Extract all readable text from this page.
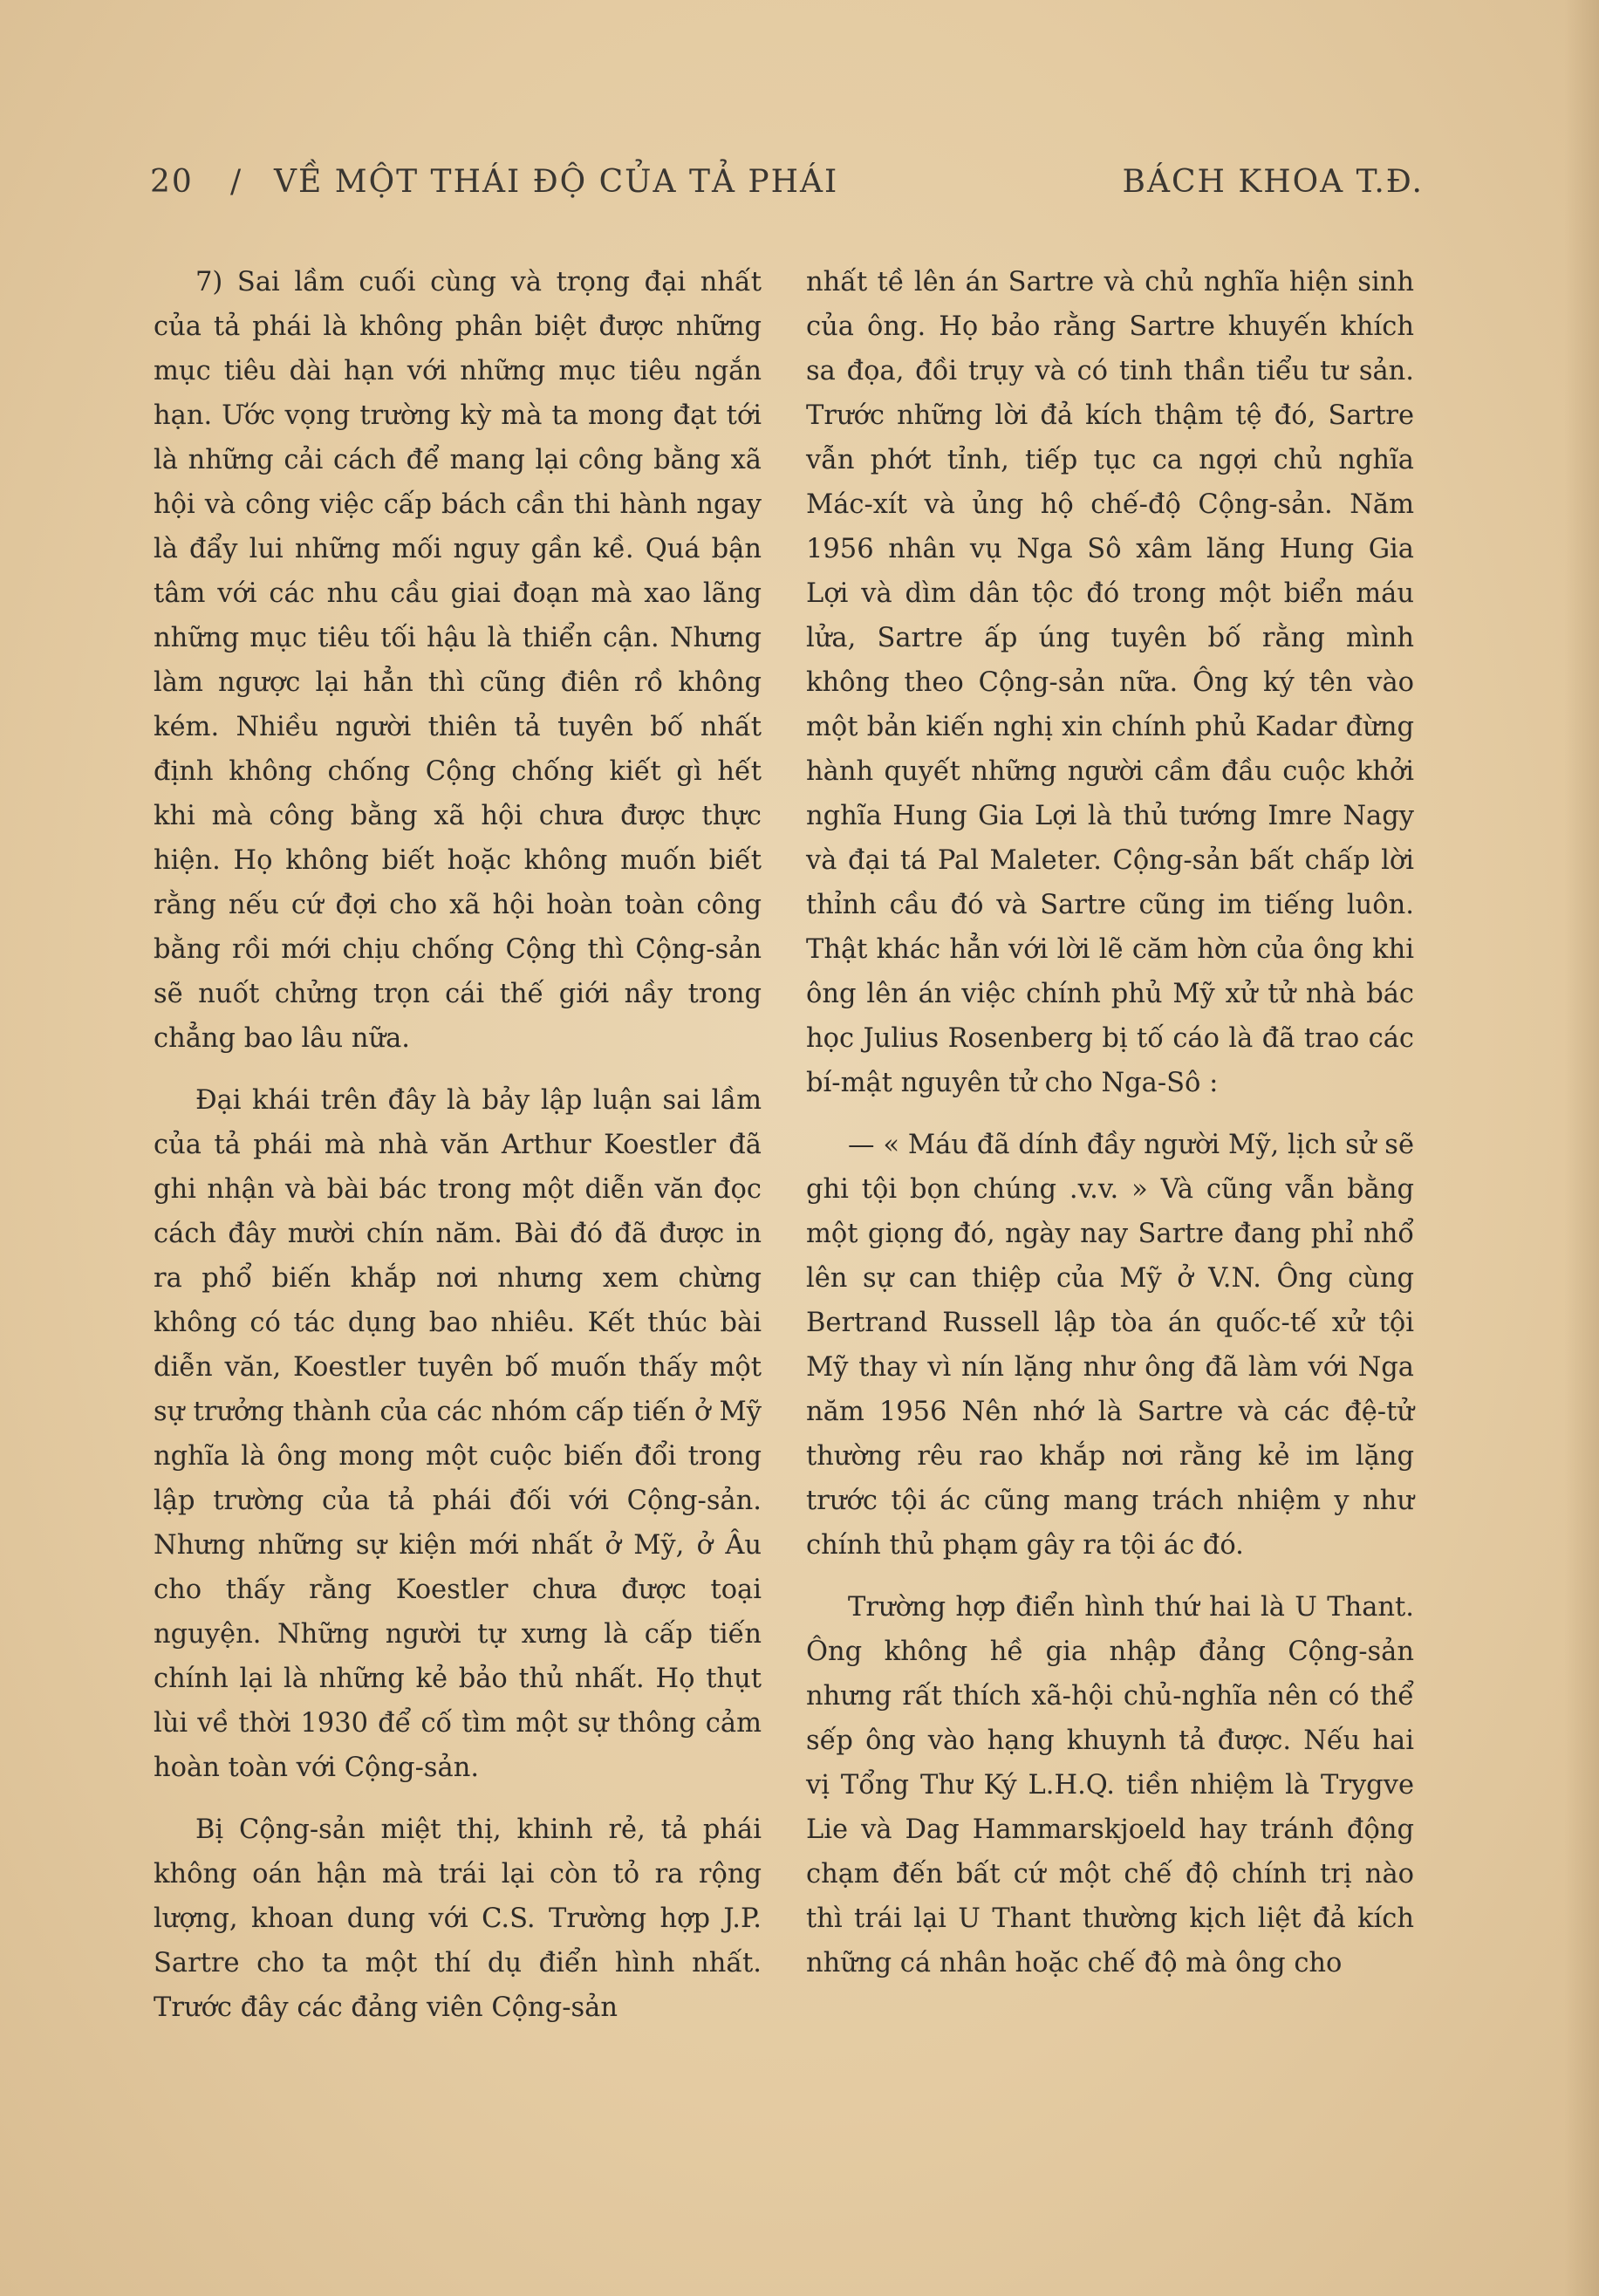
20 / VỀ MỘT THÁI ĐỘ CỦA TẢ PHÁI	BÁCH KHOA T.Đ.

7) Sai lầm cuối cùng và trọng đại nhất của tả phái là không phân biệt được những mục tiêu dài hạn với những mục tiêu ngắn hạn. Ước vọng trường kỳ mà ta mong đạt tới là những cải cách để mang lại công bằng xã hội và công việc cấp bách cần thi hành ngay là đẩy lui những mối nguy gần kề. Quá bận tâm với các nhu cầu giai đoạn mà xao lãng những mục tiêu tối hậu là thiển cận. Nhưng làm ngược lại hẳn thì cũng điên rồ không kém. Nhiều người thiên tả tuyên bố nhất định không chống Cộng chống kiết gì hết khi mà công bằng xã hội chưa được thực hiện. Họ không biết hoặc không muốn biết rằng nếu cứ đợi cho xã hội hoàn toàn công bằng rồi mới chịu chống Cộng thì Cộng-sản sẽ nuốt chửng trọn cái thế giới nầy trong chẳng bao lâu nữa.

Đại khái trên đây là bảy lập luận sai lầm của tả phái mà nhà văn Arthur Koestler đã ghi nhận và bài bác trong một diễn văn đọc cách đây mười chín năm. Bài đó đã được in ra phổ biến khắp nơi nhưng xem chừng không có tác dụng bao nhiêu. Kết thúc bài diễn văn, Koestler tuyên bố muốn thấy một sự trưởng thành của các nhóm cấp tiến ở Mỹ nghĩa là ông mong một cuộc biến đổi trong lập trường của tả phái đối với Cộng-sản. Nhưng những sự kiện mới nhất ở Mỹ, ở Âu cho thấy rằng Koestler chưa được toại nguyện. Những người tự xưng là cấp tiến chính lại là những kẻ bảo thủ nhất. Họ thụt lùi về thời 1930 để cố tìm một sự thông cảm hoàn toàn với Cộng-sản.

Bị Cộng-sản miệt thị, khinh rẻ, tả phái không oán hận mà trái lại còn tỏ ra rộng lượng, khoan dung với C.S. Trường hợp J.P. Sartre cho ta một thí dụ điển hình nhất. Trước đây các đảng viên Cộng-sản

nhất tề lên án Sartre và chủ nghĩa hiện sinh của ông. Họ bảo rằng Sartre khuyến khích sa đọa, đồi trụy và có tinh thần tiểu tư sản. Trước những lời đả kích thậm tệ đó, Sartre vẫn phớt tỉnh, tiếp tục ca ngợi chủ nghĩa Mác-xít và ủng hộ chế-độ Cộng-sản. Năm 1956 nhân vụ Nga Sô xâm lăng Hung Gia Lợi và dìm dân tộc đó trong một biển máu lửa, Sartre ấp úng tuyên bố rằng mình không theo Cộng-sản nữa. Ông ký tên vào một bản kiến nghị xin chính phủ Kadar đừng hành quyết những người cầm đầu cuộc khởi nghĩa Hung Gia Lợi là thủ tướng Imre Nagy và đại tá Pal Maleter. Cộng-sản bất chấp lời thỉnh cầu đó và Sartre cũng im tiếng luôn. Thật khác hẳn với lời lẽ căm hờn của ông khi ông lên án việc chính phủ Mỹ xử tử nhà bác học Julius Rosenberg bị tố cáo là đã trao các bí-mật nguyên tử cho Nga-Sô :

— « Máu đã dính đầy người Mỹ, lịch sử sẽ ghi tội bọn chúng .v.v. » Và cũng vẫn bằng một giọng đó, ngày nay Sartre đang phỉ nhổ lên sự can thiệp của Mỹ ở V.N. Ông cùng Bertrand Russell lập tòa án quốc-tế xử tội Mỹ thay vì nín lặng như ông đã làm với Nga năm 1956 Nên nhớ là Sartre và các đệ-tử thường rêu rao khắp nơi rằng kẻ im lặng trước tội ác cũng mang trách nhiệm y như chính thủ phạm gây ra tội ác đó.

Trường hợp điển hình thứ hai là U Thant. Ông không hề gia nhập đảng Cộng-sản nhưng rất thích xã-hội chủ-nghĩa nên có thể sếp ông vào hạng khuynh tả được. Nếu hai vị Tổng Thư Ký L.H.Q. tiền nhiệm là Trygve Lie và Dag Hammarskjoeld hay tránh động chạm đến bất cứ một chế độ chính trị nào thì trái lại U Thant thường kịch liệt đả kích những cá nhân hoặc chế độ mà ông cho
